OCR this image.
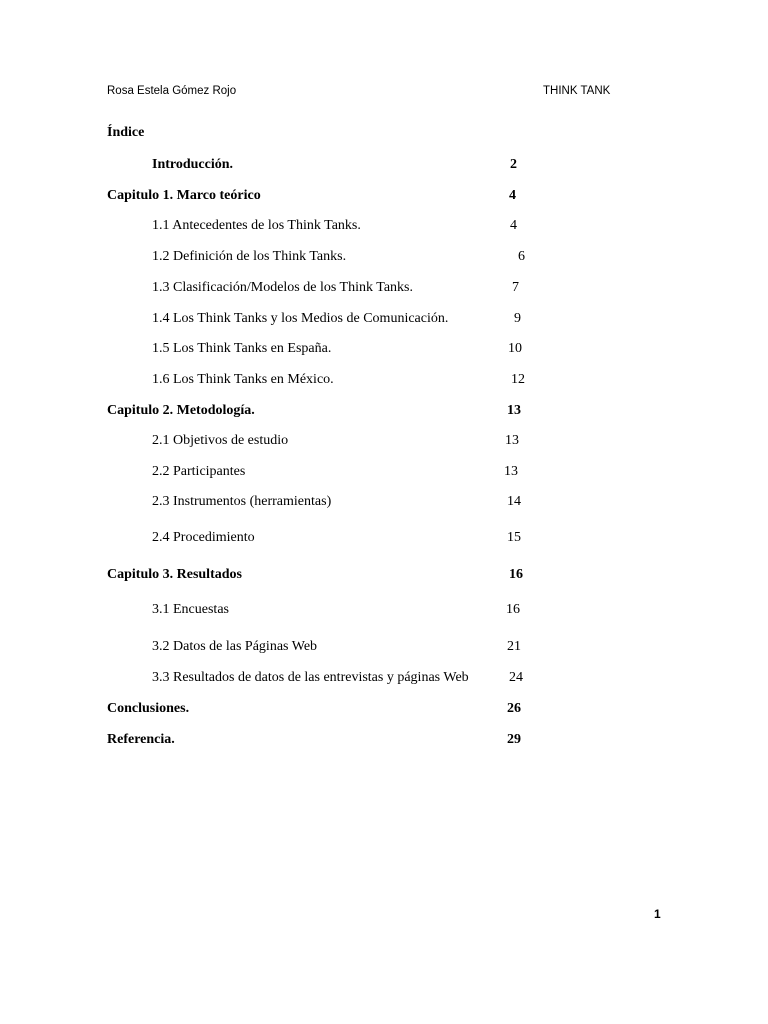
Rosa Estela Gómez Rojo	THINK TANK
Índice
Introducción.	2
Capitulo 1. Marco teórico	4
1.1 Antecedentes de los Think Tanks.	4
1.2 Definición de los Think Tanks.	6
1.3 Clasificación/Modelos de los Think Tanks.	7
1.4 Los Think Tanks y los Medios de Comunicación.	9
1.5 Los Think Tanks en España.	10
1.6 Los Think Tanks en México.	12
Capitulo 2. Metodología.	13
2.1 Objetivos de estudio	13
2.2 Participantes	13
2.3 Instrumentos (herramientas)	14
2.4 Procedimiento	15
Capitulo 3. Resultados	16
3.1 Encuestas	16
3.2 Datos de las Páginas Web	21
3.3 Resultados de datos de las entrevistas y páginas Web	24
Conclusiones.	26
Referencia.	29
1
